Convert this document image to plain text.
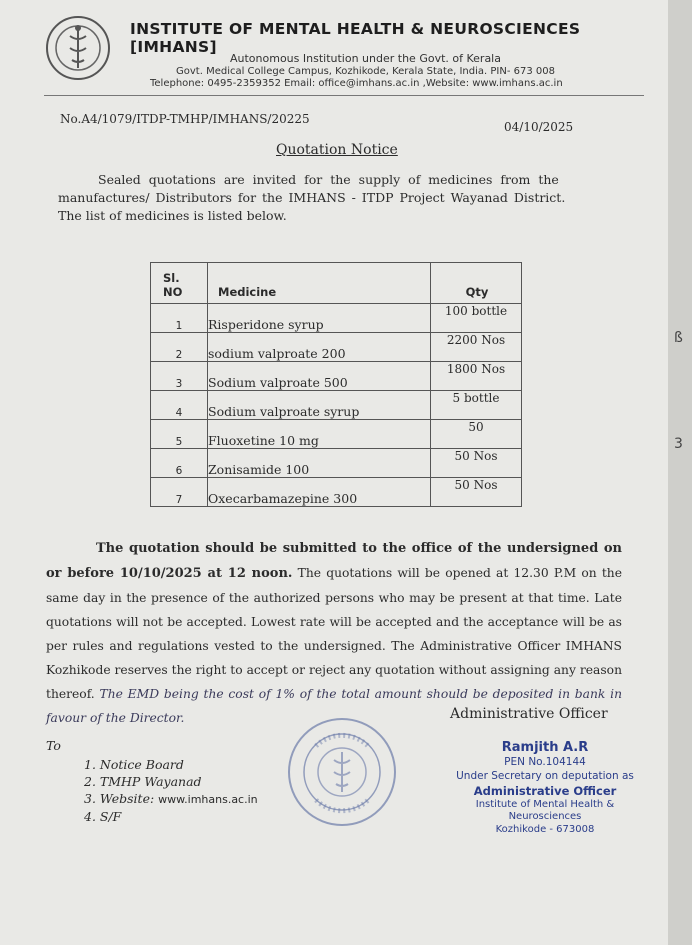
INSTITUTE OF MENTAL HEALTH & NEUROSCIENCES [IMHANS]
Autonomous Institution under the Govt. of Kerala
Govt. Medical College Campus, Kozhikode, Kerala State, India. PIN- 673 008
Telephone: 0495-2359352 Email: office@imhans.ac.in ,Website: www.imhans.ac.in
No.A4/1079/ITDP-TMHP/IMHANS/20225
04/10/2025
Quotation Notice
Sealed quotations are invited for the supply of medicines from the
manufactures/ Distributors for the IMHANS - ITDP Project Wayanad District.
The list of medicines is listed below.
Sl. NO	Medicine	Qty
1	Risperidone syrup	100 bottle
2	sodium valproate 200	2200 Nos
3	Sodium valproate 500	1800 Nos
4	Sodium valproate syrup	5 bottle
5	Fluoxetine 10 mg	50
6	Zonisamide 100	50 Nos
7	Oxecarbamazepine 300	50 Nos
The quotation should be submitted to the office of the undersigned on or before 10/10/2025 at 12 noon. The quotations will be opened at 12.30 P.M on the same day in the presence of the authorized persons who may be present at that time. Late quotations will not be accepted. Lowest rate will be accepted and the acceptance will be as per rules and regulations vested to the undersigned. The Administrative Officer IMHANS Kozhikode reserves the right to accept or reject any quotation without assigning any reason thereof. The EMD being the cost of 1% of the total amount should be deposited in bank in favour of the Director.	Administrative Officer
To
1. Notice Board
2. TMHP Wayanad
3. Website: www.imhans.ac.in
4. S/F
Ramjith A.R
PEN No.104144
Under Secretary on deputation as
Administrative Officer
Institute of Mental Health &
Neurosciences
Kozhikode - 673008
ß
3
